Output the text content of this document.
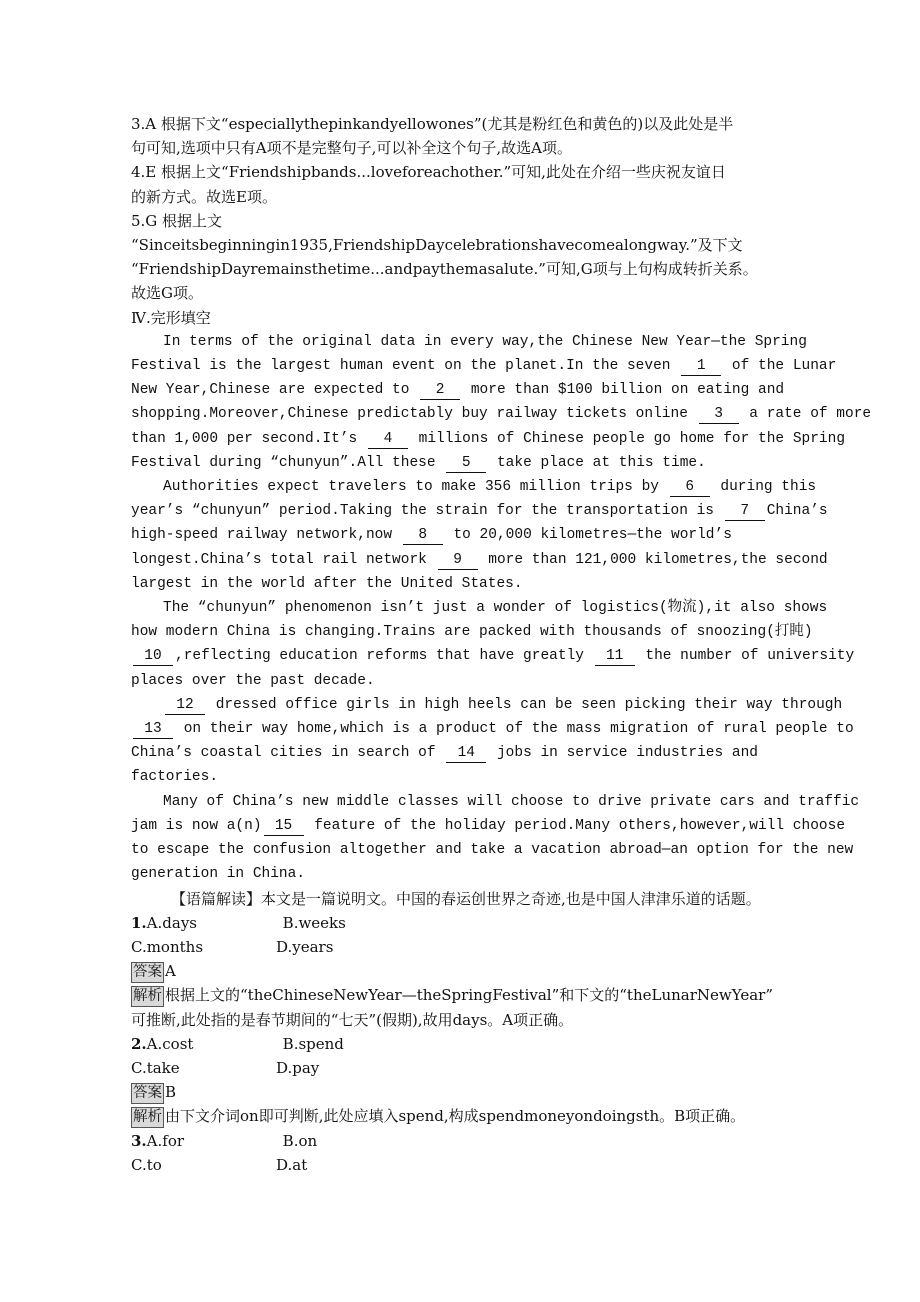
3.A 根据下文“especiallythepinkandyellowones”(尤其是粉红色和黄色的)以及此处是半
句可知,选项中只有A项不是完整句子,可以补全这个句子,故选A项。
4.E 根据上文“Friendshipbands...loveforeachother.”可知,此处在介绍一些庆祝友谊日
的新方式。故选E项。
5.G 根据上文
“Sinceitsbeginningin1935,FriendshipDaycelebrationshavecomealongway.”及下文
“FriendshipDayremainsthetime...andpaythemasalute.”可知,G项与上句构成转折关系。
故选G项。
Ⅳ.完形填空
In terms of the original data in every way,the Chinese New Year—the Spring
Festival is the largest human event on the planet.In the seven 1 of the Lunar
New Year,Chinese are expected to 2 more than $100 billion on eating and
shopping.Moreover,Chinese predictably buy railway tickets online 3 a rate of more
than 1,000 per second.It’s 4 millions of Chinese people go home for the Spring
Festival during “chunyun”.All these 5 take place at this time.
Authorities expect travelers to make 356 million trips by 6 during this
year’s “chunyun” period.Taking the strain for the transportation is 7 China’s
high-speed railway network,now 8 to 20,000 kilometres—the world’s
longest.China’s total rail network 9 more than 121,000 kilometres,the second
largest in the world after the United States.
The “chunyun” phenomenon isn’t just a wonder of logistics(物流),it also shows
how modern China is changing.Trains are packed with thousands of snoozing(打盹)
10 ,reflecting education reforms that have greatly 11 the number of university
places over the past decade.
12 dressed office girls in high heels can be seen picking their way through
13 on their way home,which is a product of the mass migration of rural people to
China’s coastal cities in search of 14 jobs in service industries and
factories.
Many of China’s new middle classes will choose to drive private cars and traffic
jam is now a(n) 15 feature of the holiday period.Many others,however,will choose
to escape the confusion altogether and take a vacation abroad—an option for the new
generation in China.
【语篇解读】本文是一篇说明文。中国的春运创世界之奇迹,也是中国人津津乐道的话题。
1.A.days	B.weeks
C.months	D.years
答案 A
解析 根据上文的“theChineseNewYear—theSpringFestival”和下文的“theLunarNewYear”
可推断,此处指的是春节期间的“七天”(假期),故用days。A项正确。
2.A.cost	B.spend
C.take	D.pay
答案 B
解析 由下文介词on即可判断,此处应填入spend,构成spendmoneyondoingsth。B项正确。
3.A.for	B.on
C.to	D.at
